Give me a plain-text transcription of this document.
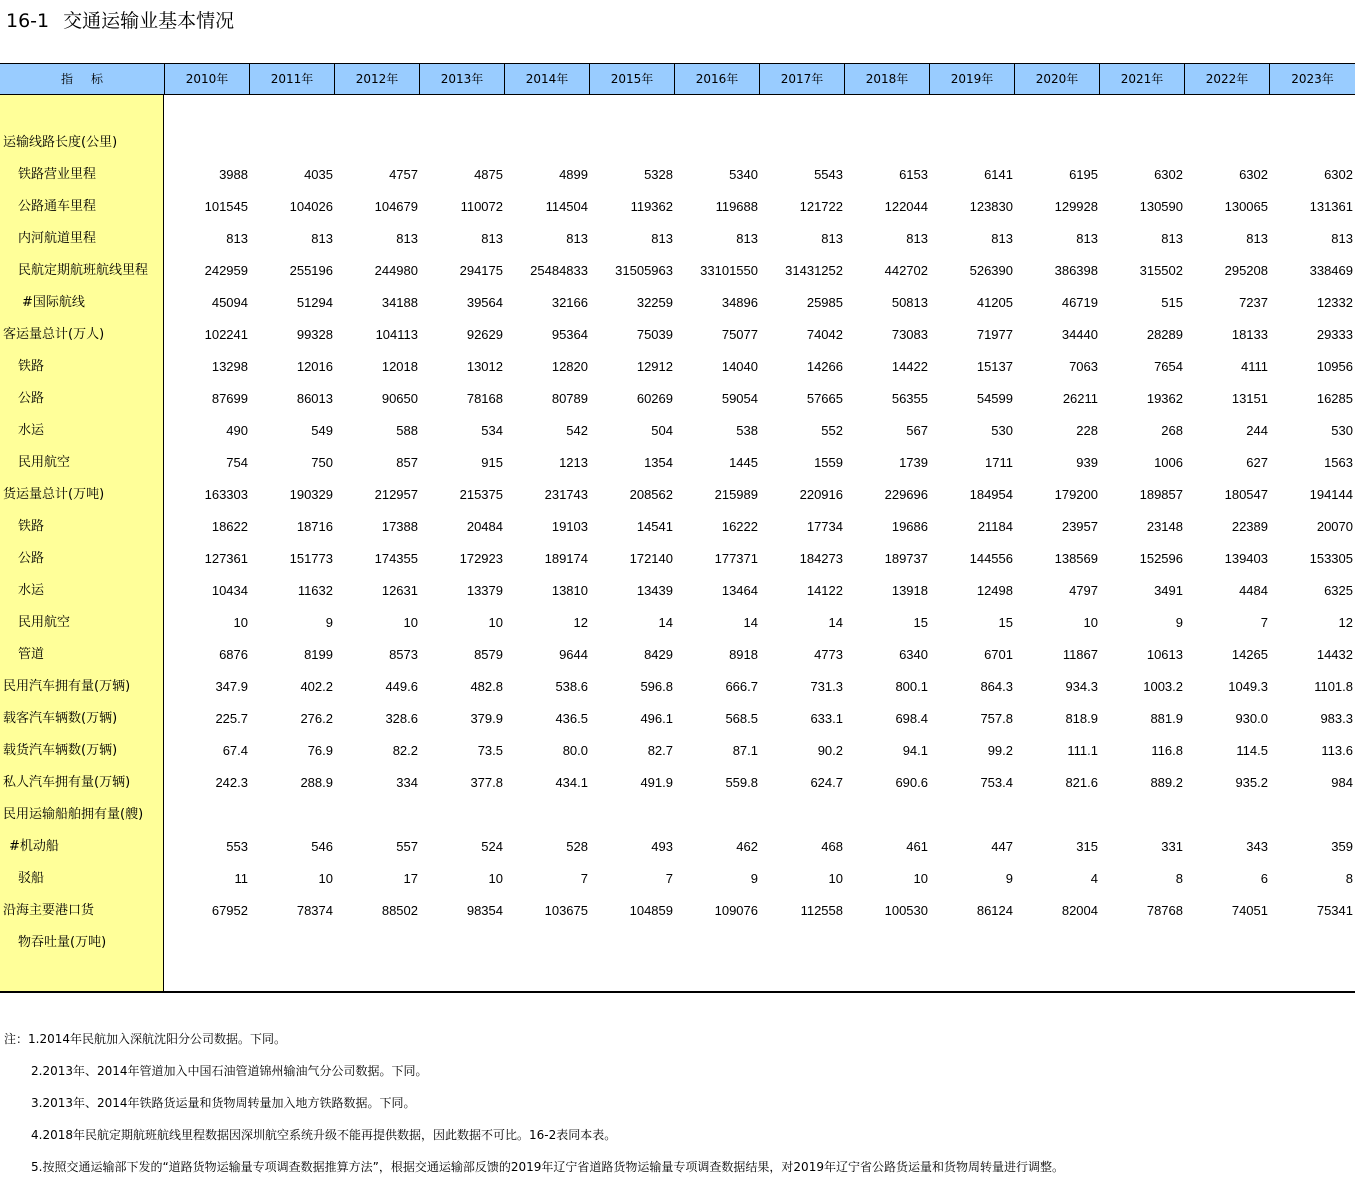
16-1 交通运输业基本情况
指标	2010年	2011年	2012年	2013年	2014年	2015年	2016年	2017年	2018年	2019年	2020年	2021年	2022年	2023年
运输线路长度(公里)
铁路营业里程	3988	4035	4757	4875	4899	5328	5340	5543	6153	6141	6195	6302	6302	6302
公路通车里程	101545	104026	104679	110072	114504	119362	119688	121722	122044	123830	129928	130590	130065	131361
内河航道里程	813	813	813	813	813	813	813	813	813	813	813	813	813	813
民航定期航班航线里程	242959	255196	244980	294175	25484833	31505963	33101550	31431252	442702	526390	386398	315502	295208	338469
#国际航线	45094	51294	34188	39564	32166	32259	34896	25985	50813	41205	46719	515	7237	12332
客运量总计(万人)	102241	99328	104113	92629	95364	75039	75077	74042	73083	71977	34440	28289	18133	29333
铁路	13298	12016	12018	13012	12820	12912	14040	14266	14422	15137	7063	7654	4111	10956
公路	87699	86013	90650	78168	80789	60269	59054	57665	56355	54599	26211	19362	13151	16285
水运	490	549	588	534	542	504	538	552	567	530	228	268	244	530
民用航空	754	750	857	915	1213	1354	1445	1559	1739	1711	939	1006	627	1563
货运量总计(万吨)	163303	190329	212957	215375	231743	208562	215989	220916	229696	184954	179200	189857	180547	194144
铁路	18622	18716	17388	20484	19103	14541	16222	17734	19686	21184	23957	23148	22389	20070
公路	127361	151773	174355	172923	189174	172140	177371	184273	189737	144556	138569	152596	139403	153305
水运	10434	11632	12631	13379	13810	13439	13464	14122	13918	12498	4797	3491	4484	6325
民用航空	10	9	10	10	12	14	14	14	15	15	10	9	7	12
管道	6876	8199	8573	8579	9644	8429	8918	4773	6340	6701	11867	10613	14265	14432
民用汽车拥有量(万辆)	347.9	402.2	449.6	482.8	538.6	596.8	666.7	731.3	800.1	864.3	934.3	1003.2	1049.3	1101.8
载客汽车辆数(万辆)	225.7	276.2	328.6	379.9	436.5	496.1	568.5	633.1	698.4	757.8	818.9	881.9	930.0	983.3
载货汽车辆数(万辆)	67.4	76.9	82.2	73.5	80.0	82.7	87.1	90.2	94.1	99.2	111.1	116.8	114.5	113.6
私人汽车拥有量(万辆)	242.3	288.9	334	377.8	434.1	491.9	559.8	624.7	690.6	753.4	821.6	889.2	935.2	984
民用运输船舶拥有量(艘)
#机动船	553	546	557	524	528	493	462	468	461	447	315	331	343	359
驳船	11	10	17	10	7	7	9	10	10	9	4	8	6	8
沿海主要港口货	67952	78374	88502	98354	103675	104859	109076	112558	100530	86124	82004	78768	74051	75341
物吞吐量(万吨)
注：1.2014年民航加入深航沈阳分公司数据。下同。
2.2013年、2014年管道加入中国石油管道锦州输油气分公司数据。下同。
3.2013年、2014年铁路货运量和货物周转量加入地方铁路数据。下同。
4.2018年民航定期航班航线里程数据因深圳航空系统升级不能再提供数据，因此数据不可比。16-2表同本表。
5.按照交通运输部下发的“道路货物运输量专项调查数据推算方法”，根据交通运输部反馈的2019年辽宁省道路货物运输量专项调查数据结果，对2019年辽宁省公路货运量和货物周转量进行调整。
